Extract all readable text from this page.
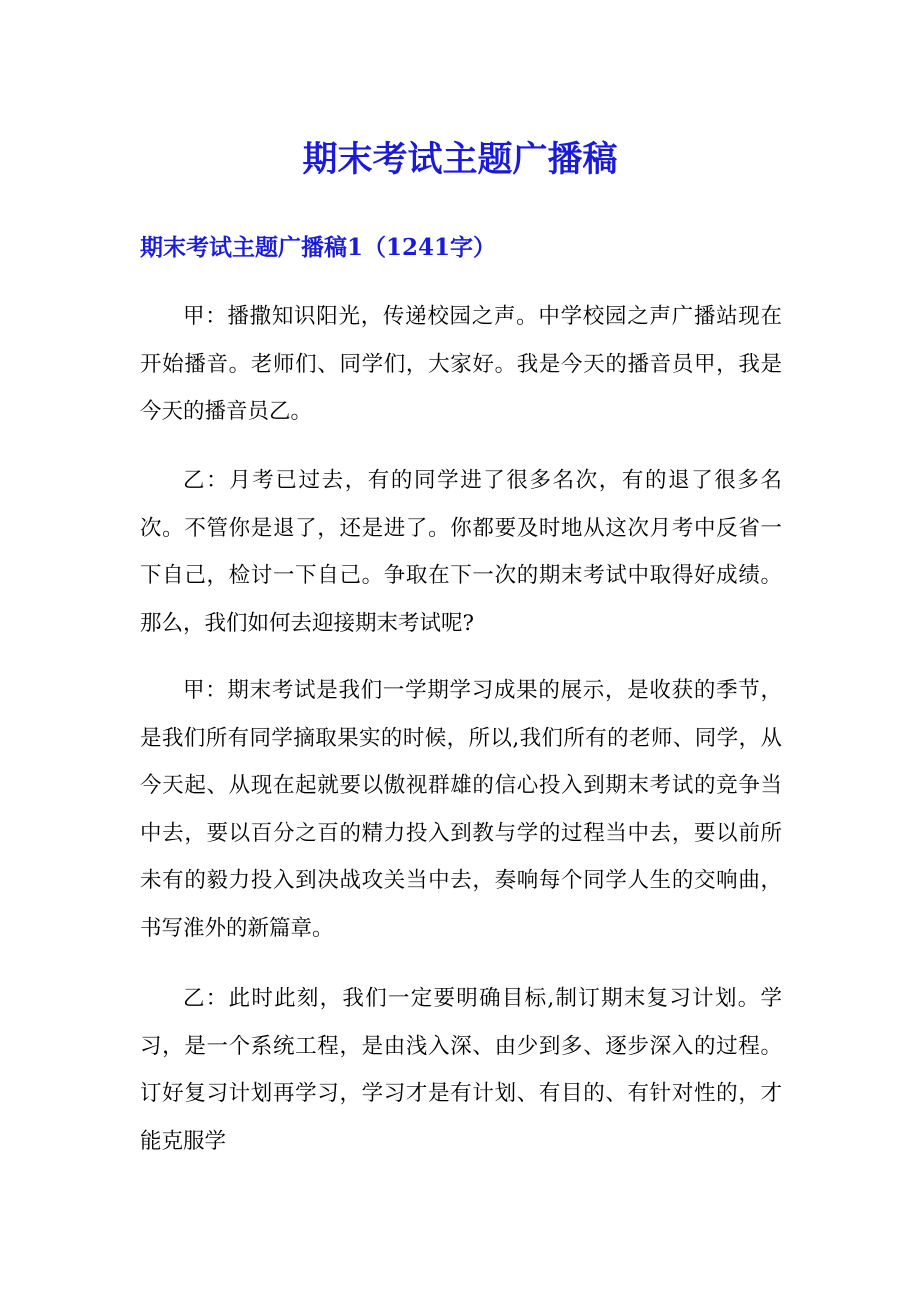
期末考试主题广播稿
期末考试主题广播稿1（1241字）

甲：播撒知识阳光，传递校园之声。中学校园之声广播站现在开始播音。老师们、同学们，大家好。我是今天的播音员甲，我是今天的播音员乙。

乙：月考已过去，有的同学进了很多名次，有的退了很多名次。不管你是退了，还是进了。你都要及时地从这次月考中反省一下自己，检讨一下自己。争取在下一次的期末考试中取得好成绩。那么，我们如何去迎接期末考试呢?

甲：期末考试是我们一学期学习成果的展示，是收获的季节，是我们所有同学摘取果实的时候，所以,我们所有的老师、同学，从今天起、从现在起就要以傲视群雄的信心投入到期末考试的竞争当中去，要以百分之百的精力投入到教与学的过程当中去，要以前所未有的毅力投入到决战攻关当中去，奏响每个同学人生的交响曲，书写淮外的新篇章。

乙：此时此刻，我们一定要明确目标,制订期末复习计划。学习，是一个系统工程，是由浅入深、由少到多、逐步深入的过程。订好复习计划再学习，学习才是有计划、有目的、有针对性的，才能克服学
